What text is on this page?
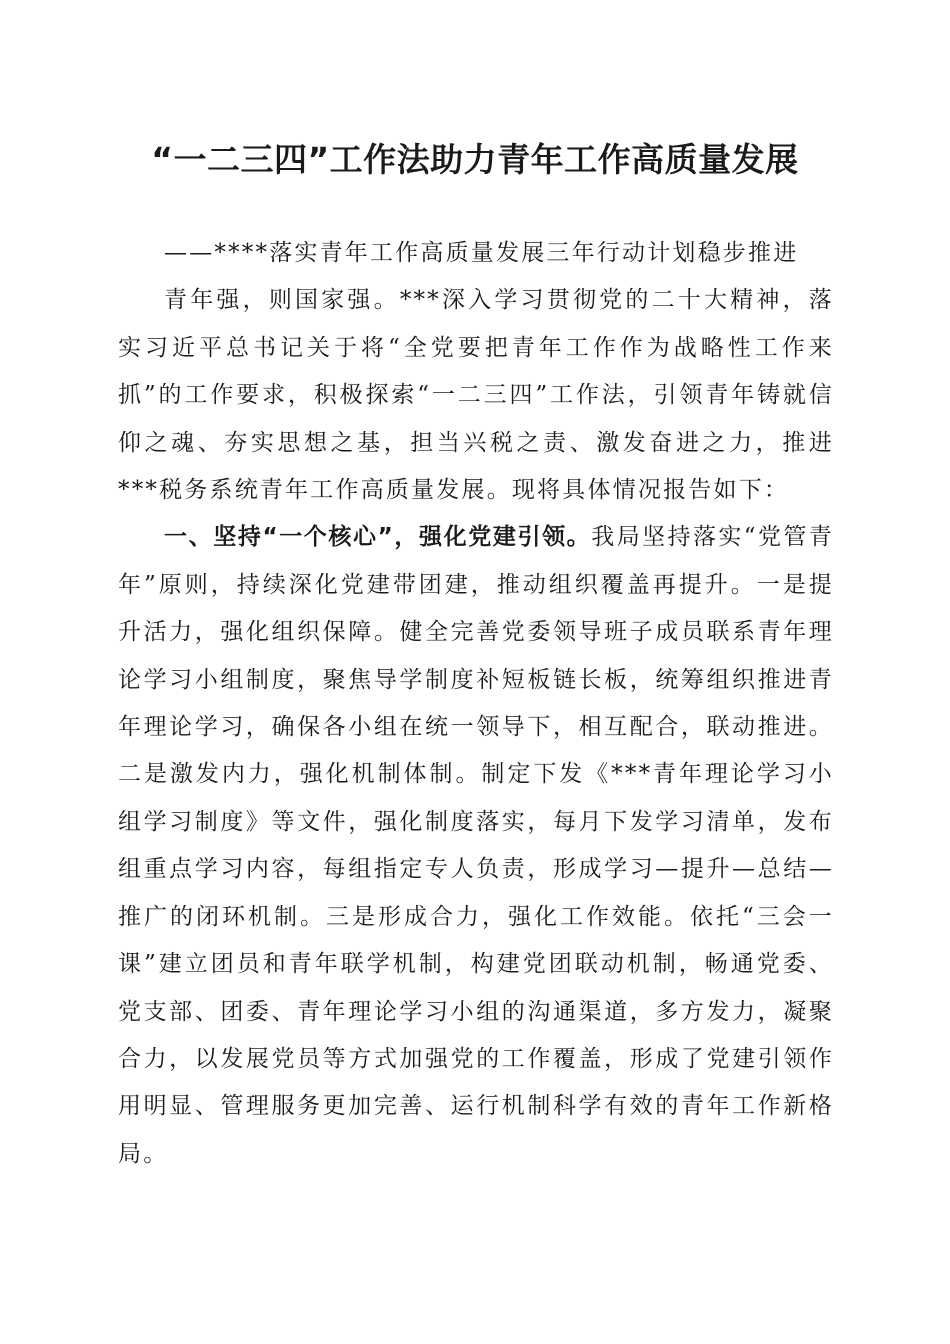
“一二三四”工作法助力青年工作高质量发展

——****落实青年工作高质量发展三年行动计划稳步推进

青年强，则国家强。***深入学习贯彻党的二十大精神，落实习近平总书记关于将“全党要把青年工作作为战略性工作来抓”的工作要求，积极探索“一二三四”工作法，引领青年铸就信仰之魂、夯实思想之基，担当兴税之责、激发奋进之力，推进***税务系统青年工作高质量发展。现将具体情况报告如下：

一、坚持“一个核心”，强化党建引领。我局坚持落实“党管青年”原则，持续深化党建带团建，推动组织覆盖再提升。一是提升活力，强化组织保障。健全完善党委领导班子成员联系青年理论学习小组制度，聚焦导学制度补短板链长板，统筹组织推进青年理论学习，确保各小组在统一领导下，相互配合，联动推进。二是激发内力，强化机制体制。制定下发《***青年理论学习小组学习制度》等文件，强化制度落实，每月下发学习清单，发布组重点学习内容，每组指定专人负责，形成学习—提升—总结—推广的闭环机制。三是形成合力，强化工作效能。依托“三会一课”建立团员和青年联学机制，构建党团联动机制，畅通党委、党支部、团委、青年理论学习小组的沟通渠道，多方发力，凝聚合力，以发展党员等方式加强党的工作覆盖，形成了党建引领作用明显、管理服务更加完善、运行机制科学有效的青年工作新格局。
